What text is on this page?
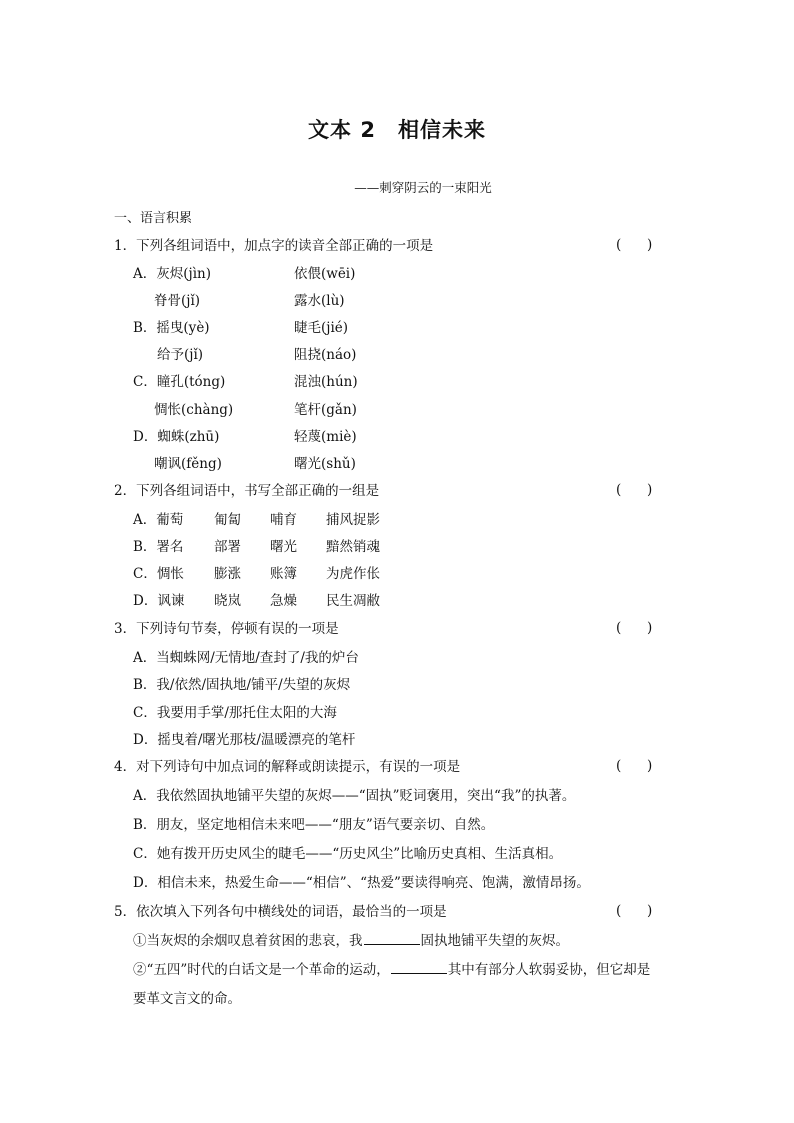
文本 2 相信未来
——刺穿阴云的一束阳光
一、语言积累
1．下列各组词语中，加点字的读音全部正确的一项是	(      )
A．灰烬(jìn)	依偎(wēi)
脊骨(jǐ)	露水(lù)
B．摇曳(yè)	睫毛(jié)
给予(jǐ)	阻挠(náo)
C．瞳孔(tóng)	混浊(hún)
惆怅(chàng)	笔杆(gǎn)
D．蜘蛛(zhū)	轻蔑(miè)
嘲讽(fěng)	曙光(shǔ)
2．下列各组词语中，书写全部正确的一组是	(      )
A．葡萄 匍匐 哺育 捕风捉影
B．署名 部署 曙光 黯然销魂
C．惆怅 膨涨 账簿 为虎作伥
D．讽谏 晓岚 急燥 民生凋敝
3．下列诗句节奏，停顿有误的一项是	(      )
A．当蜘蛛网/无情地/查封了/我的炉台
B．我/依然/固执地/铺平/失望的灰烬
C．我要用手掌/那托住太阳的大海
D．摇曳着/曙光那枝/温暖漂亮的笔杆
4．对下列诗句中加点词的解释或朗读提示，有误的一项是	(      )
A．我依然固执地铺平失望的灰烬——“固执”贬词褒用，突出“我”的执著。
B．朋友，坚定地相信未来吧——“朋友”语气要亲切、自然。
C．她有拨开历史风尘的睫毛——“历史风尘”比喻历史真相、生活真相。
D．相信未来，热爱生命——“相信”、“热爱”要读得响亮、饱满，激情昂扬。
5．依次填入下列各句中横线处的词语，最恰当的一项是	(      )
①当灰烬的余烟叹息着贫困的悲哀，我	固执地铺平失望的灰烬。
②“五四”时代的白话文是一个革命的运动，	其中有部分人软弱妥协，但它却是
要革文言文的命。
